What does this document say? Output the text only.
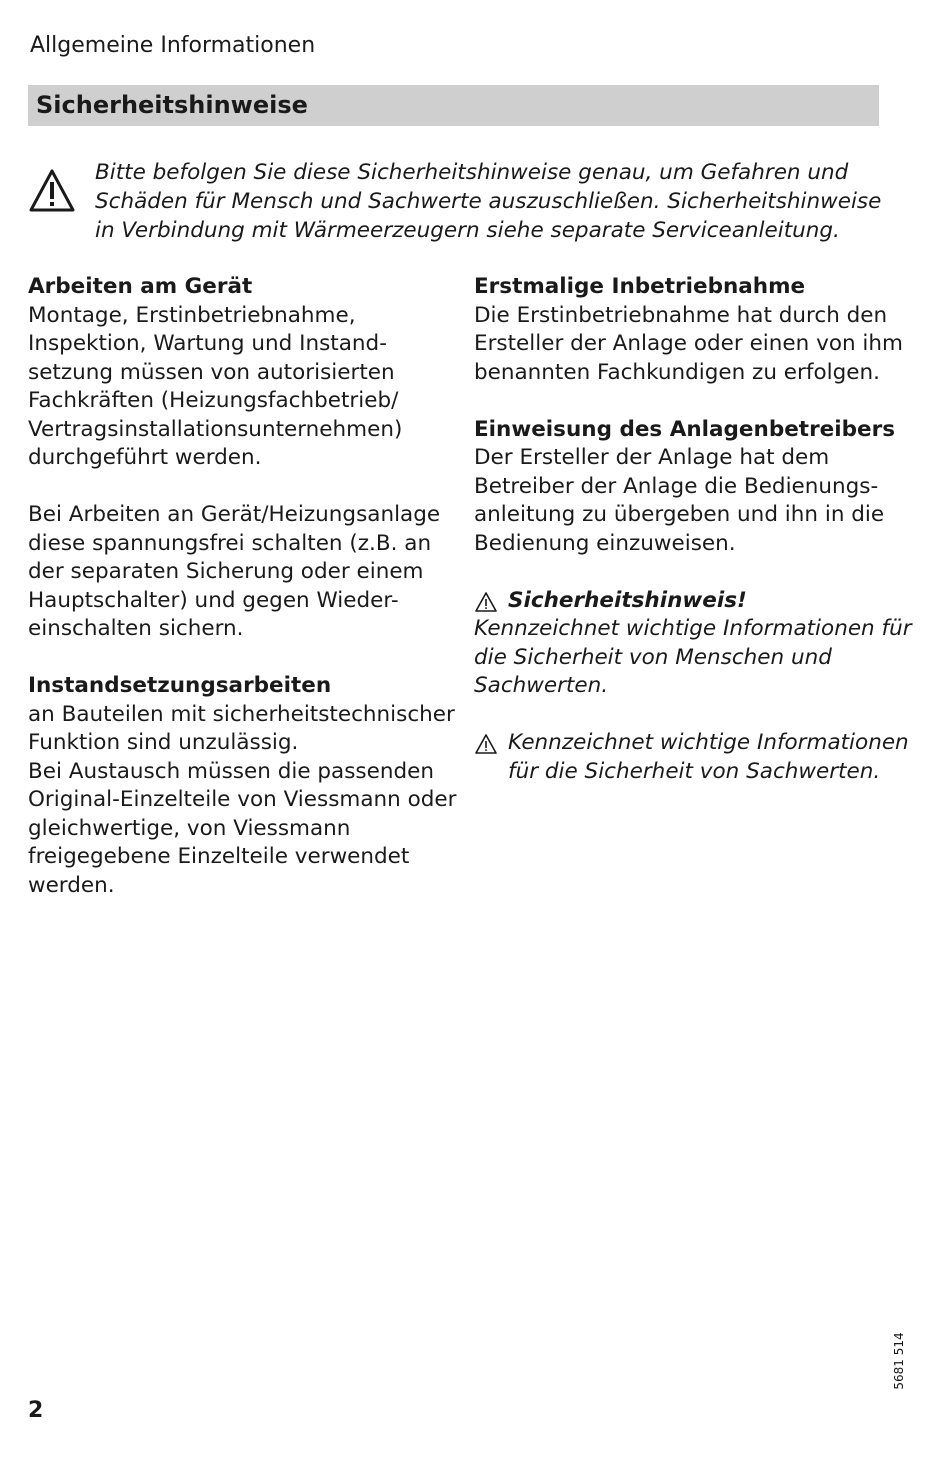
Allgemeine Informationen

Sicherheitshinweise

Bitte befolgen Sie diese Sicherheitshinweise genau, um Gefahren und Schäden für Mensch und Sachwerte auszuschließen. Sicherheitshinweise in Verbindung mit Wärmeerzeugern siehe separate Serviceanleitung.

Arbeiten am Gerät

Montage, Erstinbetriebnahme, Inspektion, Wartung und Instand-setzung müssen von autorisierten Fachkräften (Heizungsfachbetrieb/ Vertragsinstallationsunternehmen) durchgeführt werden.

Bei Arbeiten an Gerät/Heizungsanlage diese spannungsfrei schalten (z.B. an der separaten Sicherung oder einem Hauptschalter) und gegen Wieder-einschalten sichern.

Instandsetzungsarbeiten

an Bauteilen mit sicherheitstechnischer Funktion sind unzulässig.

Bei Austausch müssen die passenden Original-Einzelteile von Viessmann oder gleichwertige, von Viessmann freigegebene Einzelteile verwendet werden.

Erstmalige Inbetriebnahme

Die Erstinbetriebnahme hat durch den Ersteller der Anlage oder einen von ihm benannten Fachkundigen zu erfolgen.

Einweisung des Anlagenbetreibers

Der Ersteller der Anlage hat dem Betreiber der Anlage die Bedienungs-anleitung zu übergeben und ihn in die Bedienung einzuweisen.

Sicherheitshinweis!

Kennzeichnet wichtige Informationen für die Sicherheit von Menschen und Sachwerten.

Kennzeichnet wichtige Informationen für die Sicherheit von Sachwerten.

5681 514

2
